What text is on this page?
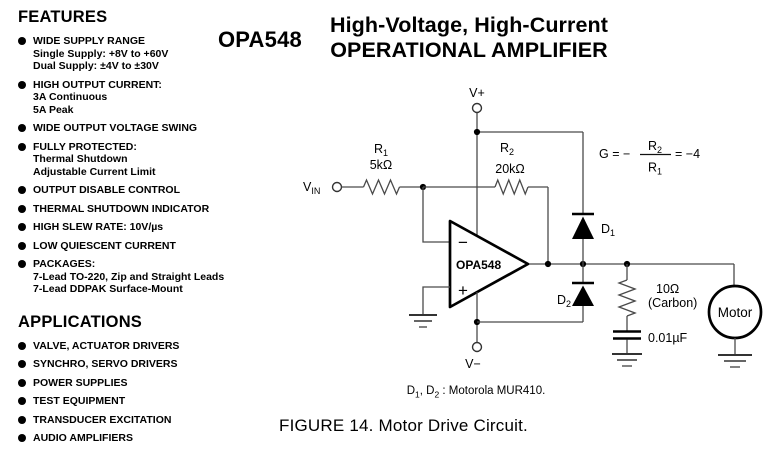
FEATURES
WIDE SUPPLY RANGE
Single Supply: +8V to +60V
Dual Supply: ±4V to ±30V
HIGH OUTPUT CURRENT:
3A Continuous
5A Peak
WIDE OUTPUT VOLTAGE SWING
FULLY PROTECTED:
Thermal Shutdown
Adjustable Current Limit
OUTPUT DISABLE CONTROL
THERMAL SHUTDOWN INDICATOR
HIGH SLEW RATE: 10V/µs
LOW QUIESCENT CURRENT
PACKAGES:
7-Lead TO-220, Zip and Straight Leads
7-Lead DDPAK Surface-Mount
APPLICATIONS
VALVE, ACTUATOR DRIVERS
SYNCHRO, SERVO DRIVERS
POWER SUPPLIES
TEST EQUIPMENT
TRANSDUCER EXCITATION
AUDIO AMPLIFIERS
OPA548
High-Voltage, High-Current
OPERATIONAL AMPLIFIER
V+
$V_{IN}$
$R_1$
5kΩ
$R_2$
20kΩ
−
+
OPA548
V−
$D_1$
$D_2$
G = −
$R_2$
$R_1$
= −4
10Ω
(Carbon)
0.01µF
Motor
$D_1$, $D_2$ : Motorola MUR410.
FIGURE 14. Motor Drive Circuit.
